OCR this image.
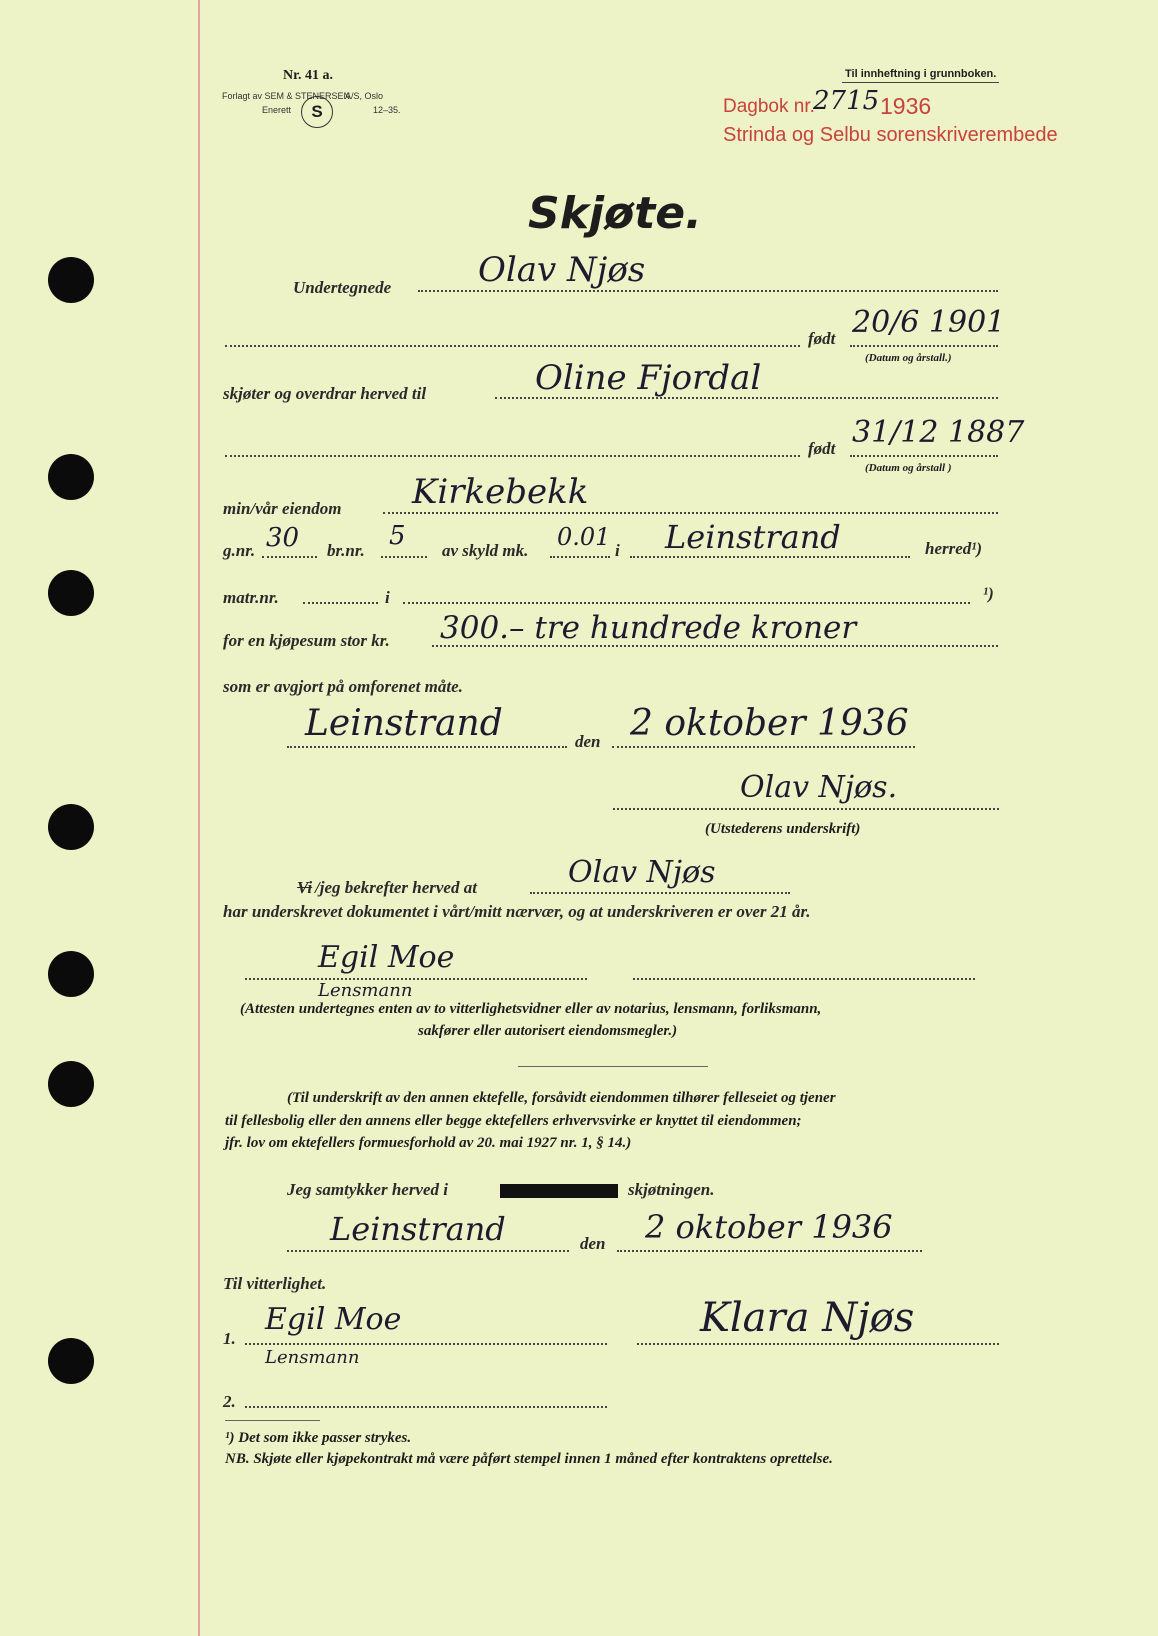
Nr. 41 a.
Forlagt av SEM & STENERSEN
S
A/S, Oslo
Enerett	12–35.
Til innheftning i grunnboken.
Dagbok nr.
2715 1936
Strinda og Selbu sorenskriverembede
Skjøte.
Undertegnede	Olav Njøs
født 20/6 1901
(Datum og årstall.)
skjøter og overdrar herved til	Oline Fjordal
født 31/12 1887
(Datum og årstall )
min/vår eiendom Kirkebekk
g.nr. 30 br.nr. 5 av skyld mk. 0.01 i Leinstrand	herred¹)
matr.nr.	i	¹)
for en kjøpesum stor kr. 300.– tre hundrede kroner
som er avgjort på omforenet måte.
Leinstrand	den 2 oktober 1936
Olav Njøs.
(Utstederens underskrift)
Vi /jeg bekrefter herved at	Olav Njøs
har underskrevet dokumentet i vårt/mitt nærvær, og at underskriveren er over 21 år.
Egil Moe
Lensmann
(Attesten undertegnes enten av to vitterlighetsvidner eller av notarius, lensmann, forliksmann,
sakfører eller autorisert eiendomsmegler.)
(Til underskrift av den annen ektefelle, forsåvidt eiendommen tilhører felleseiet og tjener
til fellesbolig eller den annens eller begge ektefellers erhvervsvirke er knyttet til eiendommen;
jfr. lov om ektefellers formuesforhold av 20. mai 1927 nr. 1, § 14.)
Jeg samtykker herved i	skjøtningen.
Leinstrand	den 2 oktober 1936
Til vitterlighet.
1.
Egil Moe
Lensmann
Klara Njøs
2.
¹) Det som ikke passer strykes.
NB. Skjøte eller kjøpekontrakt må være påført stempel innen 1 måned efter kontraktens oprettelse.
